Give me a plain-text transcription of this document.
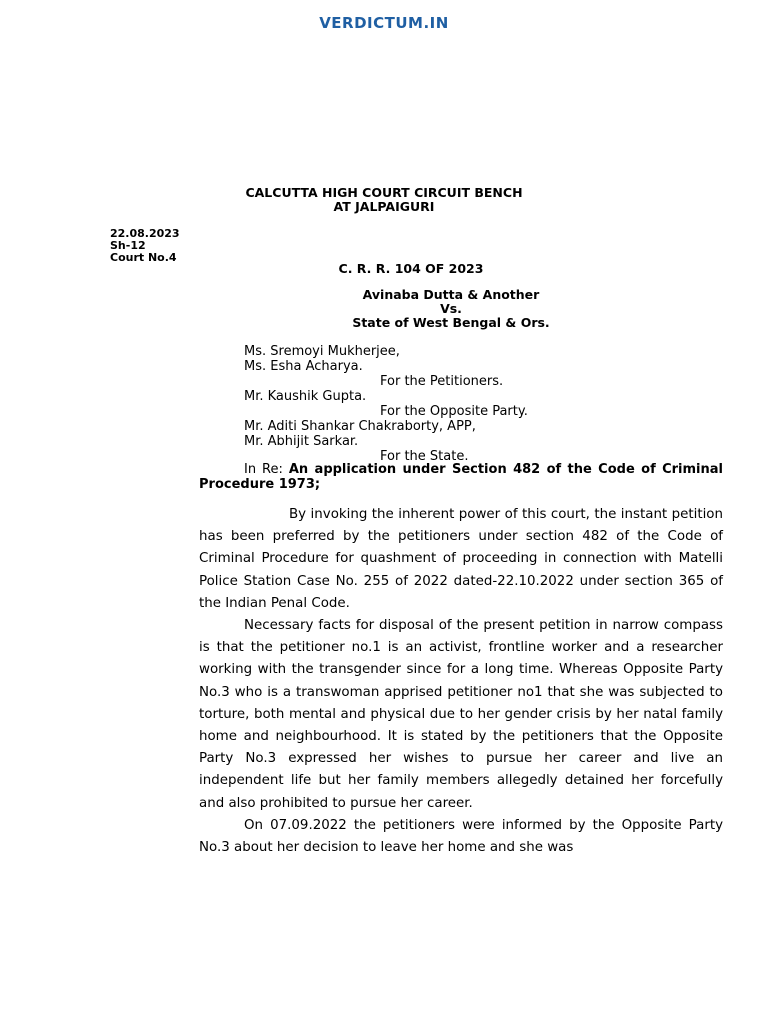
VERDICTUM.IN
CALCUTTA HIGH COURT CIRCUIT BENCH
AT JALPAIGURI
22.08.2023
Sh-12
Court No.4
C. R. R. 104 OF 2023
Avinaba Dutta & Another
Vs.
State of West Bengal & Ors.
Ms. Sremoyi Mukherjee,
Ms. Esha Acharya.
For the Petitioners.
Mr. Kaushik Gupta.
For the Opposite Party.
Mr. Aditi Shankar Chakraborty, APP,
Mr. Abhijit Sarkar.
For the State.
In Re: An application under Section 482 of the Code of Criminal Procedure 1973;

By invoking the inherent power of this court, the instant petition has been preferred by the petitioners under section 482 of the Code of Criminal Procedure for quashment of proceeding in connection with Matelli Police Station Case No. 255 of 2022 dated-22.10.2022 under section 365 of the Indian Penal Code.

Necessary facts for disposal of the present petition in narrow compass is that the petitioner no.1 is an activist, frontline worker and a researcher working with the transgender since for a long time. Whereas Opposite Party No.3 who is a transwoman apprised petitioner no1 that she was subjected to torture, both mental and physical due to her gender crisis by her natal family home and neighbourhood. It is stated by the petitioners that the Opposite Party No.3 expressed her wishes to pursue her career and live an independent life but her family members allegedly detained her forcefully and also prohibited to pursue her career.

On 07.09.2022 the petitioners were informed by the Opposite Party No.3 about her decision to leave her home and she was
